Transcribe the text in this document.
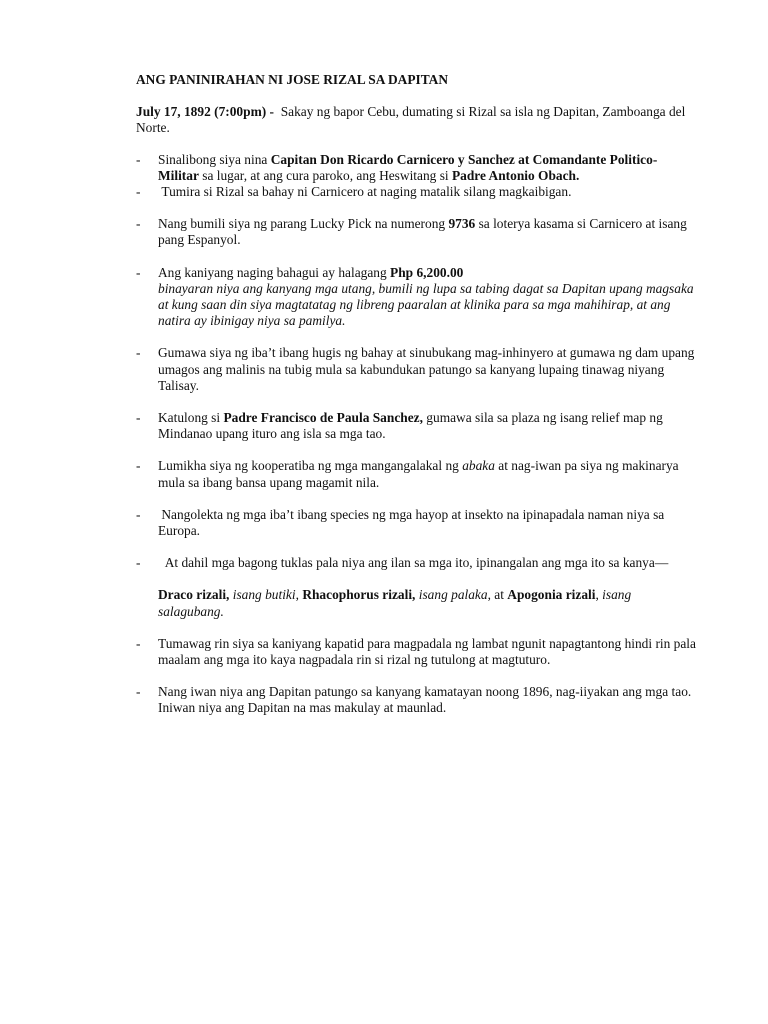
ANG PANINIRAHAN NI JOSE RIZAL SA DAPITAN

July 17, 1892 (7:00pm) -  Sakay ng bapor Cebu, dumating si Rizal sa isla ng Dapitan, Zamboanga del Norte.

- Sinalibong siya nina Capitan Don Ricardo Carnicero y Sanchez at Comandante Politico-Militar sa lugar, at ang cura paroko, ang Heswitang si Padre Antonio Obach.
- Tumira si Rizal sa bahay ni Carnicero at naging matalik silang magkaibigan.
- Nang bumili siya ng parang Lucky Pick na numerong 9736 sa loterya kasama si Carnicero at isang pang Espanyol.
- Ang kaniyang naging bahagui ay halagang Php 6,200.00
binayaran niya ang kanyang mga utang, bumili ng lupa sa tabing dagat sa Dapitan upang magsaka at kung saan din siya magtatatag ng libreng paaralan at klinika para sa mga mahihirap, at ang natira ay ibinigay niya sa pamilya.
- Gumawa siya ng iba’t ibang hugis ng bahay at sinubukang mag-inhinyero at gumawa ng dam upang umagos ang malinis na tubig mula sa kabundukan patungo sa kanyang lupaing tinawag niyang Talisay.
- Katulong si Padre Francisco de Paula Sanchez, gumawa sila sa plaza ng isang relief map ng Mindanao upang ituro ang isla sa mga tao.
- Lumikha siya ng kooperatiba ng mga mangangalakal ng abaka at nag-iwan pa siya ng makinarya mula sa ibang bansa upang magamit nila.
- Nangolekta ng mga iba’t ibang species ng mga hayop at insekto na ipinapadala naman niya sa Europa.
- At dahil mga bagong tuklas pala niya ang ilan sa mga ito, ipinangalan ang mga ito sa kanya—
Draco rizali, isang butiki, Rhacophorus rizali, isang palaka, at Apogonia rizali, isang salagubang.
- Tumawag rin siya sa kaniyang kapatid para magpadala ng lambat ngunit napagtantong hindi rin pala maalam ang mga ito kaya nagpadala rin si rizal ng tutulong at magtuturo.
- Nang iwan niya ang Dapitan patungo sa kanyang kamatayan noong 1896, nag-iiyakan ang mga tao.  Iniwan niya ang Dapitan na mas makulay at maunlad.
